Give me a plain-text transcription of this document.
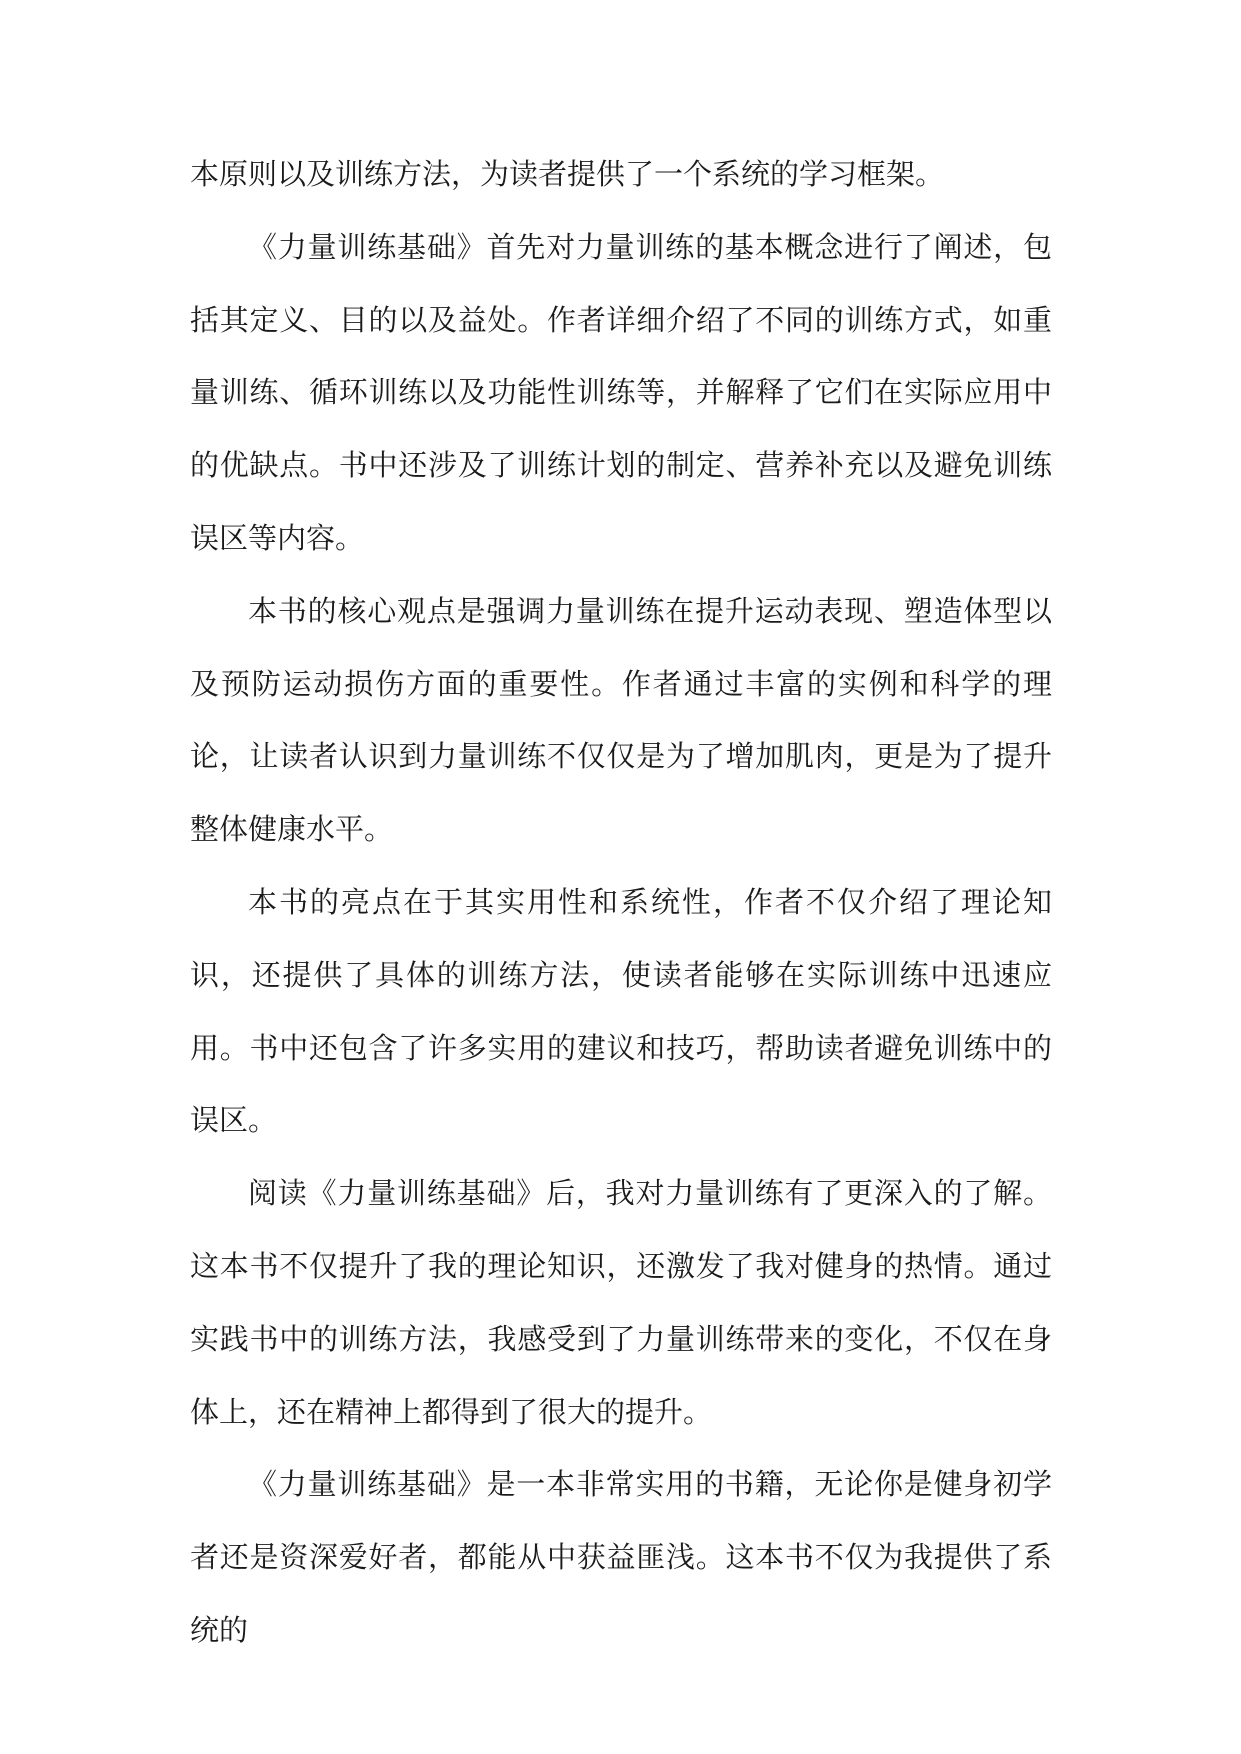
本原则以及训练方法，为读者提供了一个系统的学习框架。

《力量训练基础》首先对力量训练的基本概念进行了阐述，包括其定义、目的以及益处。作者详细介绍了不同的训练方式，如重量训练、循环训练以及功能性训练等，并解释了它们在实际应用中的优缺点。书中还涉及了训练计划的制定、营养补充以及避免训练误区等内容。

本书的核心观点是强调力量训练在提升运动表现、塑造体型以及预防运动损伤方面的重要性。作者通过丰富的实例和科学的理论，让读者认识到力量训练不仅仅是为了增加肌肉，更是为了提升整体健康水平。

本书的亮点在于其实用性和系统性，作者不仅介绍了理论知识，还提供了具体的训练方法，使读者能够在实际训练中迅速应用。书中还包含了许多实用的建议和技巧，帮助读者避免训练中的误区。

阅读《力量训练基础》后，我对力量训练有了更深入的了解。这本书不仅提升了我的理论知识，还激发了我对健身的热情。通过实践书中的训练方法，我感受到了力量训练带来的变化，不仅在身体上，还在精神上都得到了很大的提升。

《力量训练基础》是一本非常实用的书籍，无论你是健身初学者还是资深爱好者，都能从中获益匪浅。这本书不仅为我提供了系统的
